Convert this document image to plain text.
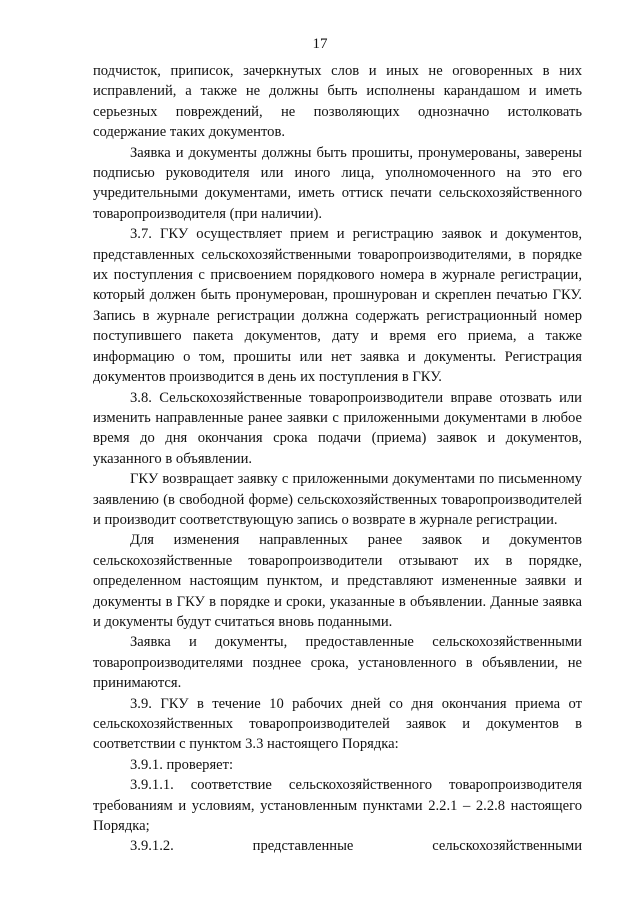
17

подчисток, приписок, зачеркнутых слов и иных не оговоренных в них исправлений, а также не должны быть исполнены карандашом и иметь серьезных повреждений, не позволяющих однозначно истолковать содержание таких документов.

Заявка и документы должны быть прошиты, пронумерованы, заверены подписью руководителя или иного лица, уполномоченного на это его учредительными документами, иметь оттиск печати сельскохозяйственного товаропроизводителя (при наличии).

3.7. ГКУ осуществляет прием и регистрацию заявок и документов, представленных сельскохозяйственными товаропроизводителями, в порядке их поступления с присвоением порядкового номера в журнале регистрации, который должен быть пронумерован, прошнурован и скреплен печатью ГКУ. Запись в журнале регистрации должна содержать регистрационный номер поступившего пакета документов, дату и время его приема, а также информацию о том, прошиты или нет заявка и документы. Регистрация документов производится в день их поступления в ГКУ.

3.8. Сельскохозяйственные товаропроизводители вправе отозвать или изменить направленные ранее заявки с приложенными документами в любое время до дня окончания срока подачи (приема) заявок и документов, указанного в объявлении.

ГКУ возвращает заявку с приложенными документами по письменному заявлению (в свободной форме) сельскохозяйственных товаропроизводителей и производит соответствующую запись о возврате в журнале регистрации.

Для изменения направленных ранее заявок и документов сельскохозяйственные товаропроизводители отзывают их в порядке, определенном настоящим пунктом, и представляют измененные заявки и документы в ГКУ в порядке и сроки, указанные в объявлении. Данные заявка и документы будут считаться вновь поданными.

Заявка и документы, предоставленные сельскохозяйственными товаропроизводителями позднее срока, установленного в объявлении, не принимаются.

3.9. ГКУ в течение 10 рабочих дней со дня окончания приема от сельскохозяйственных товаропроизводителей заявок и документов в соответствии с пунктом 3.3 настоящего Порядка:

3.9.1. проверяет:

3.9.1.1. соответствие сельскохозяйственного товаропроизводителя требованиям и условиям, установленным пунктами 2.2.1 – 2.2.8 настоящего Порядка;

3.9.1.2. представленные сельскохозяйственными
